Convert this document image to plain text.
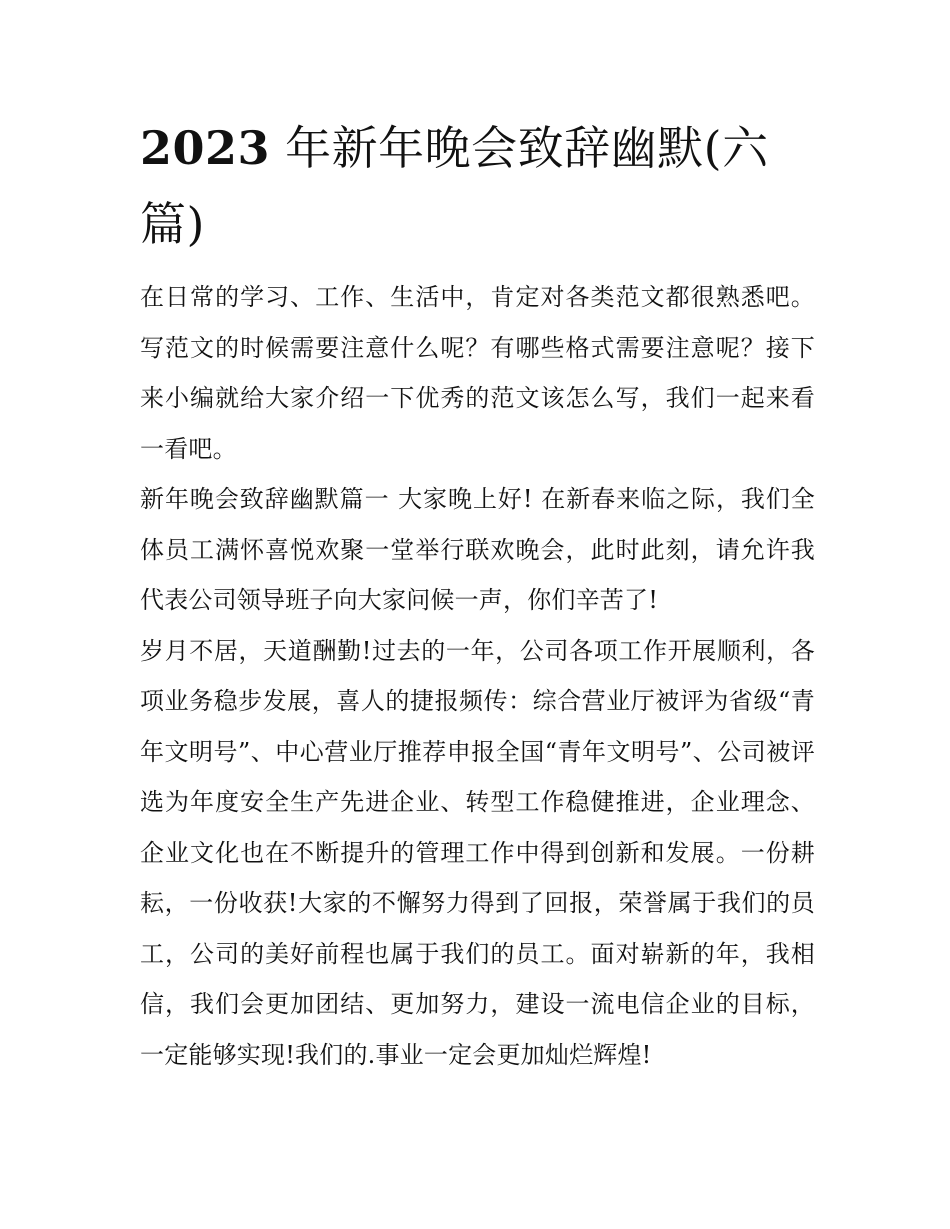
2023 年新年晚会致辞幽默(六篇)

在日常的学习、工作、生活中，肯定对各类范文都很熟悉吧。写范文的时候需要注意什么呢？有哪些格式需要注意呢？接下来小编就给大家介绍一下优秀的范文该怎么写，我们一起来看一看吧。

新年晚会致辞幽默篇一 大家晚上好! 在新春来临之际，我们全体员工满怀喜悦欢聚一堂举行联欢晚会，此时此刻，请允许我代表公司领导班子向大家问候一声，你们辛苦了!

岁月不居，天道酬勤!过去的一年，公司各项工作开展顺利，各项业务稳步发展，喜人的捷报频传：综合营业厅被评为省级“青年文明号”、中心营业厅推荐申报全国“青年文明号”、公司被评选为年度安全生产先进企业、转型工作稳健推进，企业理念、企业文化也在不断提升的管理工作中得到创新和发展。一份耕耘，一份收获!大家的不懈努力得到了回报，荣誉属于我们的员工，公司的美好前程也属于我们的员工。面对崭新的年，我相信，我们会更加团结、更加努力，建设一流电信企业的目标，一定能够实现!我们的.事业一定会更加灿烂辉煌!
